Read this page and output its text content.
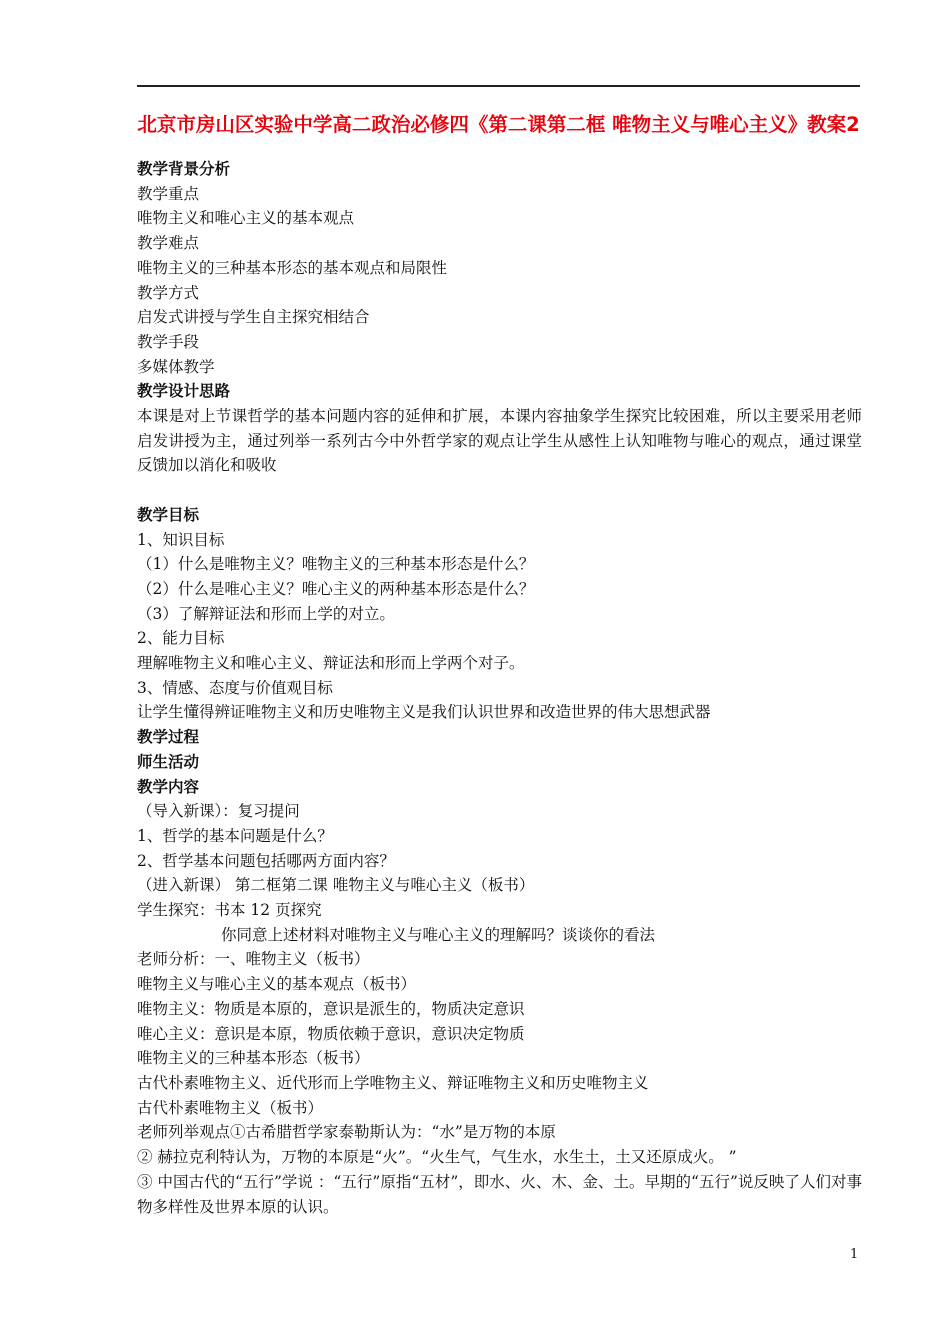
北京市房山区实验中学高二政治必修四《第二课第二框 唯物主义与唯心主义》教案2
教学背景分析
教学重点
唯物主义和唯心主义的基本观点
教学难点
唯物主义的三种基本形态的基本观点和局限性
教学方式
启发式讲授与学生自主探究相结合
教学手段
多媒体教学
教学设计思路
本课是对上节课哲学的基本问题内容的延伸和扩展，本课内容抽象学生探究比较困难，所以主要采用老师启发讲授为主，通过列举一系列古今中外哲学家的观点让学生从感性上认知唯物与唯心的观点，通过课堂反馈加以消化和吸收
教学目标
1、知识目标
（1）什么是唯物主义？唯物主义的三种基本形态是什么？
（2）什么是唯心主义？唯心主义的两种基本形态是什么？
（3）了解辩证法和形而上学的对立。
2、能力目标
理解唯物主义和唯心主义、辩证法和形而上学两个对子。
3、情感、态度与价值观目标
让学生懂得辨证唯物主义和历史唯物主义是我们认识世界和改造世界的伟大思想武器
教学过程
师生活动
教学内容
（导入新课）：复习提问
1、哲学的基本问题是什么？
2、哲学基本问题包括哪两方面内容？
（进入新课） 第二框第二课 唯物主义与唯心主义（板书）
学生探究：书本 12 页探究
你同意上述材料对唯物主义与唯心主义的理解吗？谈谈你的看法
老师分析：一、唯物主义（板书）
唯物主义与唯心主义的基本观点（板书）
唯物主义：物质是本原的，意识是派生的，物质决定意识
唯心主义：意识是本原，物质依赖于意识，意识决定物质
唯物主义的三种基本形态（板书）
古代朴素唯物主义、近代形而上学唯物主义、辩证唯物主义和历史唯物主义
古代朴素唯物主义（板书）
老师列举观点①古希腊哲学家泰勒斯认为：“水”是万物的本原
② 赫拉克利特认为，万物的本原是“火”。“火生气，气生水，水生土，土又还原成火。 ”
③ 中国古代的“五行”学说 ：“五行”原指“五材”，即水、火、木、金、土。早期的“五行”说反映了人们对事物多样性及世界本原的认识。
1
